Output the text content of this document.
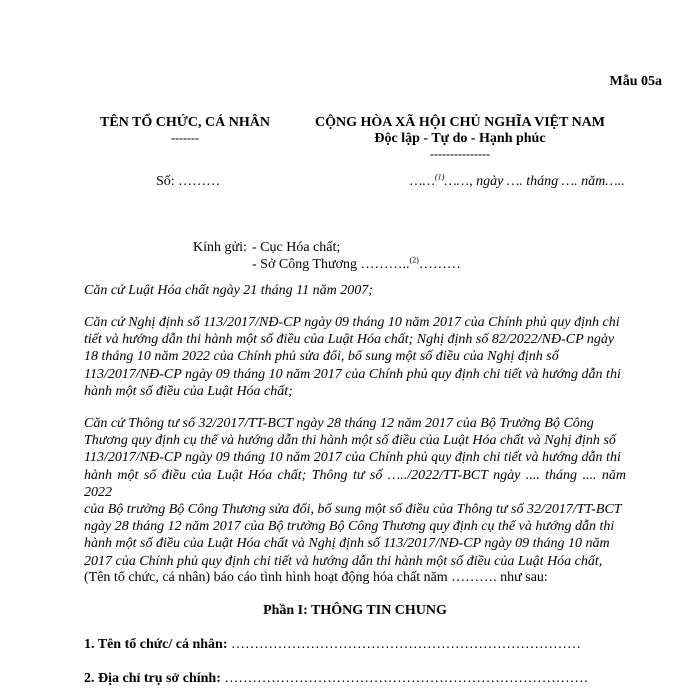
Mẫu 05a
TÊN TỔ CHỨC, CÁ NHÂN
-------
CỘNG HÒA XÃ HỘI CHỦ NGHĨA VIỆT NAM
Độc lập - Tự do - Hạnh phúc
---------------
Số: ………	……$^{(1)}$……, ngày …. tháng …. năm…..
Kính gửi: - Cục Hóa chất;
- Sở Công Thương ………..$^{(2)}$………
Căn cứ Luật Hóa chất ngày 21 tháng 11 năm 2007;
Căn cứ Nghị định số 113/2017/NĐ-CP ngày 09 tháng 10 năm 2017 của Chính phủ quy định chi
tiết và hướng dẫn thi hành một số điều của Luật Hóa chất; Nghị định số 82/2022/NĐ-CP ngày
18 tháng 10 năm 2022 của Chính phủ sửa đổi, bổ sung một số điều của Nghị định số
113/2017/NĐ-CP ngày 09 tháng 10 năm 2017 của Chính phủ quy định chi tiết và hướng dẫn thi
hành một số điều của Luật Hóa chất;
Căn cứ Thông tư số 32/2017/TT-BCT ngày 28 tháng 12 năm 2017 của Bộ Trưởng Bộ Công
Thương quy định cụ thể và hướng dẫn thi hành một số điều của Luật Hóa chất và Nghị định số
113/2017/NĐ-CP ngày 09 tháng 10 năm 2017 của Chính phủ quy định chi tiết và hướng dẫn thi
hành một số điều của Luật Hóa chất; Thông tư số …../2022/TT-BCT ngày .... tháng .... năm 2022
của Bộ trưởng Bộ Công Thương sửa đổi, bổ sung một số điều của Thông tư số 32/2017/TT-BCT
ngày 28 tháng 12 năm 2017 của Bộ trưởng Bộ Công Thương quy định cụ thể và hướng dẫn thi
hành một số điều của Luật Hóa chất và Nghị định số 113/2017/NĐ-CP ngày 09 tháng 10 năm
2017 của Chính phủ quy định chi tiết và hướng dẫn thi hành một số điều của Luật Hóa chất,
(Tên tổ chức, cá nhân) báo cáo tình hình hoạt động hóa chất năm ………. như sau:
Phần I: THÔNG TIN CHUNG
1. Tên tổ chức/ cá nhân: …………………………………………………………………
2. Địa chỉ trụ sở chính: ……………………………………………………………………
